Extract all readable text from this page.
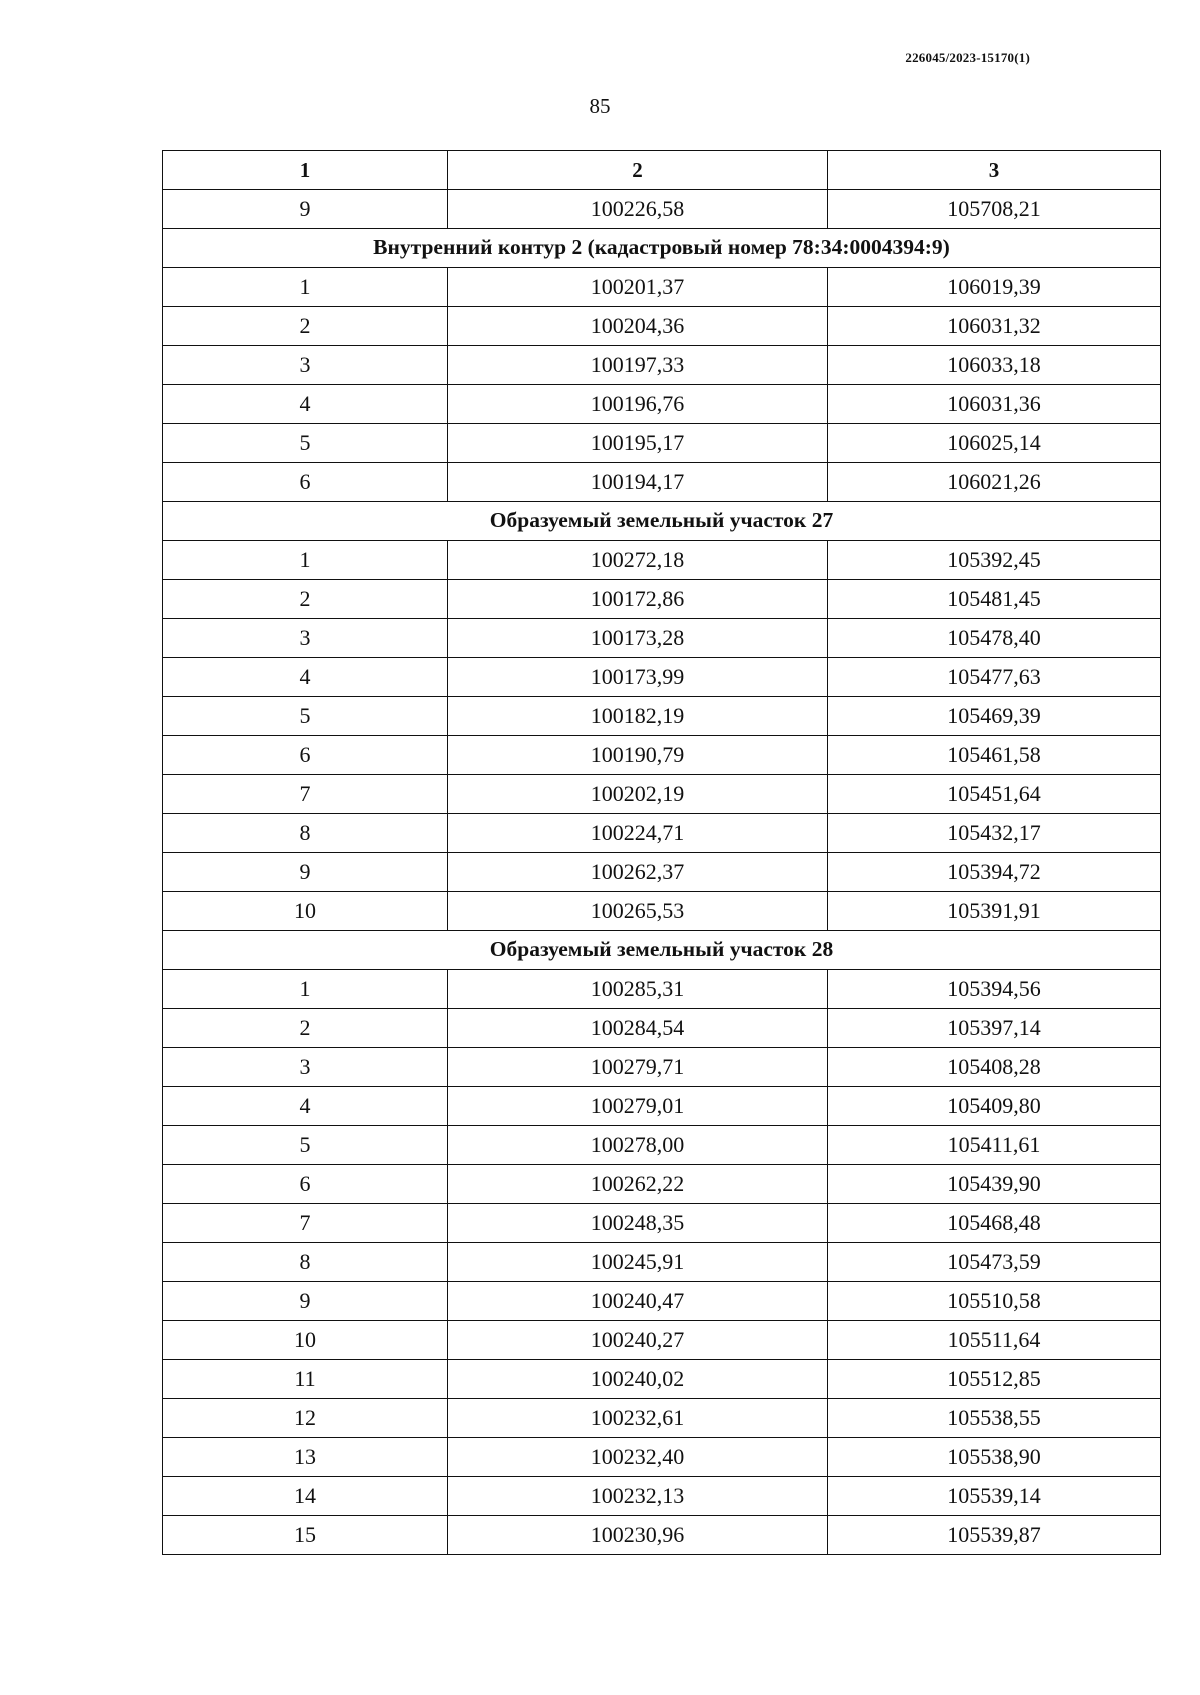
226045/2023-15170(1)
85
1	2	3
9	100226,58	105708,21
Внутренний контур 2 (кадастровый номер 78:34:0004394:9)		
1	100201,37	106019,39
2	100204,36	106031,32
3	100197,33	106033,18
4	100196,76	106031,36
5	100195,17	106025,14
6	100194,17	106021,26
Образуемый земельный участок 27		
1	100272,18	105392,45
2	100172,86	105481,45
3	100173,28	105478,40
4	100173,99	105477,63
5	100182,19	105469,39
6	100190,79	105461,58
7	100202,19	105451,64
8	100224,71	105432,17
9	100262,37	105394,72
10	100265,53	105391,91
Образуемый земельный участок 28		
1	100285,31	105394,56
2	100284,54	105397,14
3	100279,71	105408,28
4	100279,01	105409,80
5	100278,00	105411,61
6	100262,22	105439,90
7	100248,35	105468,48
8	100245,91	105473,59
9	100240,47	105510,58
10	100240,27	105511,64
11	100240,02	105512,85
12	100232,61	105538,55
13	100232,40	105538,90
14	100232,13	105539,14
15	100230,96	105539,87
